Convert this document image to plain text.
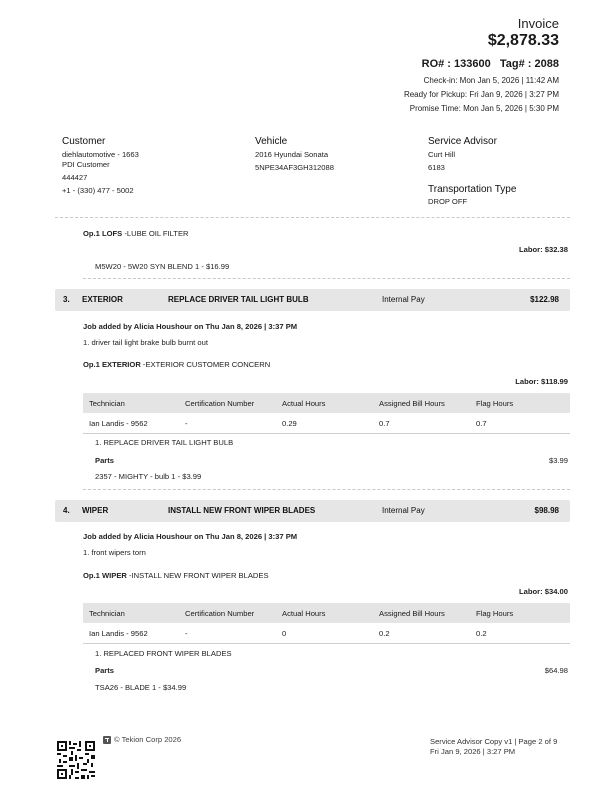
Invoice
$2,878.33
RO# : 133600   Tag# : 2088
Check-in: Mon Jan 5, 2026 | 11:42 AM
Ready for Pickup: Fri Jan 9, 2026 | 3:27 PM
Promise Time: Mon Jan 5, 2026 | 5:30 PM
Customer
diehlautomotive - 1663
PDI Customer
444427
+1 - (330) 477 - 5002
Vehicle
2016 Hyundai Sonata
5NPE34AF3GH312088
Service Advisor
Curt Hill
6183
Transportation Type
DROP OFF
Op.1 LOFS -LUBE OIL FILTER
Labor: $32.38
M5W20 - 5W20 SYN BLEND 1 - $16.99
3. EXTERIOR	REPLACE DRIVER TAIL LIGHT BULB	Internal Pay	$122.98
Job added by Alicia Houshour on Thu Jan 8, 2026 | 3:37 PM
1. driver tail light brake bulb burnt out
Op.1 EXTERIOR -EXTERIOR CUSTOMER CONCERN
Labor: $118.99
Technician	Certification Number	Actual Hours	Assigned Bill Hours	Flag Hours
Ian Landis - 9562	-	0.29	0.7	0.7
1. REPLACE DRIVER TAIL LIGHT BULB
Parts	$3.99
2357 - MIGHTY - bulb 1 - $3.99
4. WIPER	INSTALL NEW FRONT WIPER BLADES	Internal Pay	$98.98
Job added by Alicia Houshour on Thu Jan 8, 2026 | 3:37 PM
1. front wipers torn
Op.1 WIPER -INSTALL NEW FRONT WIPER BLADES
Labor: $34.00
Technician	Certification Number	Actual Hours	Assigned Bill Hours	Flag Hours
Ian Landis - 9562	-	0	0.2	0.2
1. REPLACED FRONT WIPER BLADES
Parts	$64.98
TSA26 - BLADE 1 - $34.99
© Tekion Corp 2026	Service Advisor Copy v1 | Page 2 of 9
Fri Jan 9, 2026 | 3:27 PM
